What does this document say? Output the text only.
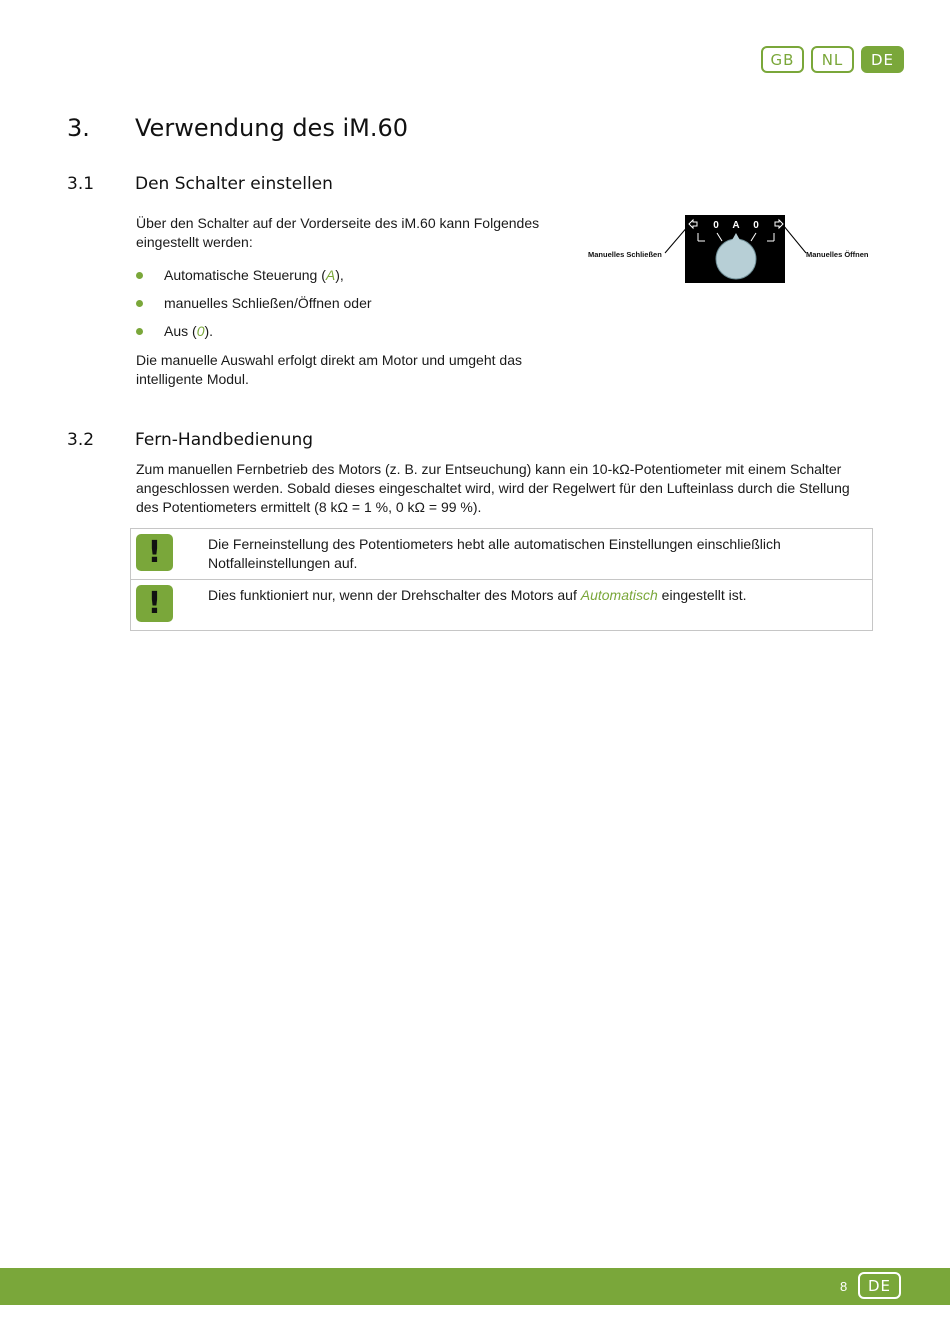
GB	NL	DE
3. Verwendung des iM.60
3.1 Den Schalter einstellen

Über den Schalter auf der Vorderseite des iM.60 kann Folgendes eingestellt werden:

Automatische Steuerung (A),
manuelles Schließen/Öffnen oder
Aus (0).

Die manuelle Auswahl erfolgt direkt am Motor und umgeht das intelligente Modul.

0 A 0
Manuelles Schließen	Manuelles Öffnen
3.2 Fern-Handbedienung

Zum manuellen Fernbetrieb des Motors (z. B. zur Entseuchung) kann ein 10-kΩ-Potentiometer mit einem Schalter angeschlossen werden. Sobald dieses eingeschaltet wird, wird der Regelwert für den Lufteinlass durch die Stellung des Potentiometers ermittelt (8 kΩ = 1 %, 0 kΩ = 99 %).

!	Die Ferneinstellung des Potentiometers hebt alle automatischen Einstellungen einschließlich Notfalleinstellungen auf.
!	Dies funktioniert nur, wenn der Drehschalter des Motors auf Automatisch eingestellt ist.
8	DE
